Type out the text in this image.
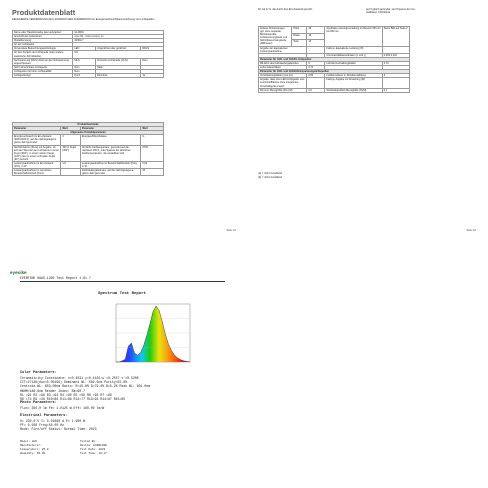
Produktdatenblatt
DELEGIERTE VERORDNUNG (EU) 2019/2015 DER KOMMISSION zur Energieverbrauchskennzeichnung von Lichtquellen
Name oder Handelsmarke des Lieferanten:	GLORIA		
Anschrift des Lieferanten:	xxxx Str., xxxxx xxxxxx, xx		
Modellkennung:	32362-7		
Art der Lichtquelle:			
Verwendete Beleuchtungstechnologie:	LED	Ungerichtet oder gerichtet:	NDLS
Art des Sockels der Lichtquelle (oder andere elektrische Schnittstelle)	G9		
Netzspannung (MLS) direkt an die Netzspannung angeschlossen:	MLS	Vernetzte Lichtquelle (CLS):	Nein
Nicht abnehmbare Lichtquelle:	Nein	Halle:	-
Lichtquelle mit hoher Lichtqualität:	Nein		
Lichtquellentyp:	Hoch	Dimmbar:	Ja
Produktmerkmale			
Parameter	Wert	Parameter	Wert
Allgemeine Produktparameter			
Energieverbrauch im Ein-Zustand (kWh/1000 h), auf die nächstgelegene ganze Zahl gerundet	2	Energieeffizienzklasse	G
Nutzlichtstrom (Φuse) mit Angabe, ob sich der Wert auf den Lichtstrom in einer Kugel (360°), in einem weiten Kegel (120°) oder in einem schmalen Kegel (90°) bezieht	300 in Kugel (360°)	Ähnliche Farbtemperatur, gerundet auf die nächsten 100 K, oder Spanne der ähnlichen Farbtemperaturen, die einstellbar sind	2700
Leistungsaufnahme im Ein-Zustand (Pon), in W	1,9	Leistungsaufnahme im Bereitschaftsbetrieb (Psb), in W	0,00
Leistungsaufnahme im vernetzten Bereitschaftsbetrieb (Pnet)	-	Farbwiedergabeindex, auf die nächstgelegene ganze Zahl gerundet	90
Seite 1/2
für G2 in %, die durch den Ein-Zustand genutzt.	auf 0 gleich gerundet, sind Spanne der ein-stellbaren CRI-Werte
Äußere Abmessungen, ggf. ohne separate Betriebsgeräte, Lichtsteuerungsteile und Nicht-Beleuchtungsteile (Millimeter)	Höhe	48	Spektrale Leistungsverteilung im Bereich 250 nm bis 800 nm	Siehe Bild auf Seite 2
	Breite	16		
	Tiefe	16		
Angabe der äquivalenten Leistungsaufnahme		-	Falls ja, äquivalente Leistung (W)	-
			Chromatizitätskoordinaten (x und y)	0,453 0,410
Parameter für LED- und OLED-Lichtquellen				
R9-Wert des Farbwiedergabeindex		9	Lichtstromerhaltungsfaktor	0,70
Lebensdauerfaktor		0,70		
Parameter für LED- und OLED-Netzspannungslichtquellen				
Verschiebungsfaktor (cos φ1)		0,50	Farbkonsistenz in McAdam-Ellipsen	6
Angabe, dass eine LED-Lichtquelle eine Leuchtstofflampe ohne integriertes Vorschaltgerät ersetzt		-	Falls ja, Angabe zur Ersetzung (W)	-
Flimmer-Messgröße (Pst LM)		0,0	Stroboskopeffekt-Messgröße (SVM)	0,1
(a) = nicht zutreffend
(b) = nicht zutreffend
Seite 2/2
eyesike
EVERFINE HAAS-1200 Test Report 1.01.7
Spectrum Test Report
Color Parameters:
Chromaticity Coordinate: x=0.4531 y=0.4102/u'=0.2557 v'=0.5208
CCT=2712K(duv=0.00196) Dominant WL: 582.5nm Purity=55.8%
Centroid WL: 603.00nm Ratio: R=15.8% G=79.0% B=5.2% Peak WL: 601.0nm
HWHM=186.6nm Render Index: Ra=90.7
R1 =91 R2 =96 R3 =94 R4 =90 R5 =90 R6 =93 R7 =89
R8 =74 R9 =39 R10=86 R11=88 R12=77 R13=92 R14=97 R15=85
Photo Parameters:
Flux= 304.0 lm Fe= 1.0125 W Eff= 160.00 lm/W
Electrical Parameters:
U= 230.0 V I= 0.01660 A P= 1.900 W
PF= 0.500 Freq=50.00 Hz
Mode: Fire/off Status: Normal Time: 2023
Model: LED
Manufacturer:
Temperature: 25.0
Humidity: 65.0%
Tested By:
Device: EVERFINE
Test Date: 2023
Test Time: 10:17
